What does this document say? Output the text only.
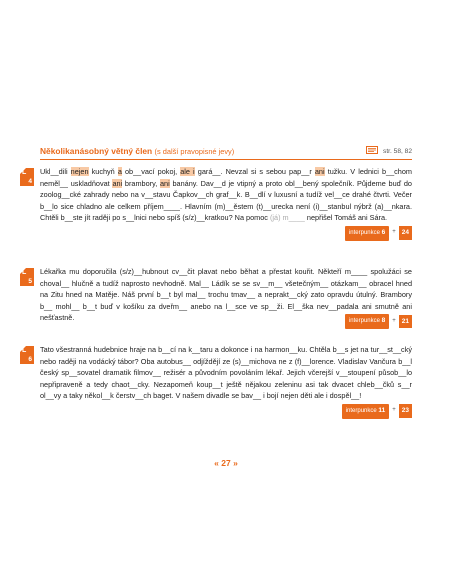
Několikanásobný větný člen (s další pravopisné jevy)	str. 58, 82
L
4

Ukl__dili nejen kuchyň a ob__vací pokoj, ale i gará__. Nevzal si s sebou pap__r ani tužku. V lednici b__chom neměl__ uskladňovat ani brambory, ani banány. Dav__d je vtipný a proto obl__bený společník. Půjdeme buď do zoolog__cké zahrady nebo na v__stavu Čapkov__ch graf__k. B__dlí v luxusní a tudíž vel__ce drahé čtvrti. Večer b__lo sice chladno ale celkem příjem____. Hlavním (m)__ěstem (t)__urecka není (i)__stanbul nýbrž (a)__nkara. Chtěli b__ste jít raději po s__lnici nebo spíš (s/z)__kratkou? Na pomoc (já) m____ nepřišel Tomáš ani Sára.
interpunkce 6	+ 24

L
5

Lékařka mu doporučila (s/z)__hubnout cv__čit plavat nebo běhat a přestat kouřit. Někteří m____ spolužáci se choval__ hlučně a tudíž naprosto nevhodně. Mal__ Ládík se se sv__m__ všetečným__ otázkam__ obracel hned na Zitu hned na Matěje. Náš první b__t byl mal__ trochu tmav__ a neprakt__cký zato opravdu útulný. Brambory b__ mohl__ b__t buď v košíku za dveřm__ anebo na l__sce ve sp__ži. El__ška nev__padala ani smutně ani nešťastně.	interpunkce 8	+ 21

L
6

Tato všestranná hudebnice hraje na b__cí na k__taru a dokonce i na harmon__ku. Chtěla b__s jet na tur__st__cký nebo raději na vodácký tábor? Oba autobus__ odjíždějí ze (s)__michova ne z (f)__lorence. Vladislav Vančura b__l český sp__sovatel dramatik filmov__ režisér a původním povoláním lékař. Jejich včerejší v__stoupení působ__lo nepřipraveně a tedy chaot__cky. Nezapomeň koup__t ještě nějakou zeleninu asi tak dvacet chleb__čků s__r ol__vy a taky někol__k čerstv__ch baget. V našem divadle se bav__ i bojí nejen děti ale i dospěl__!
interpunkce 11	+ 23

« 27 »
